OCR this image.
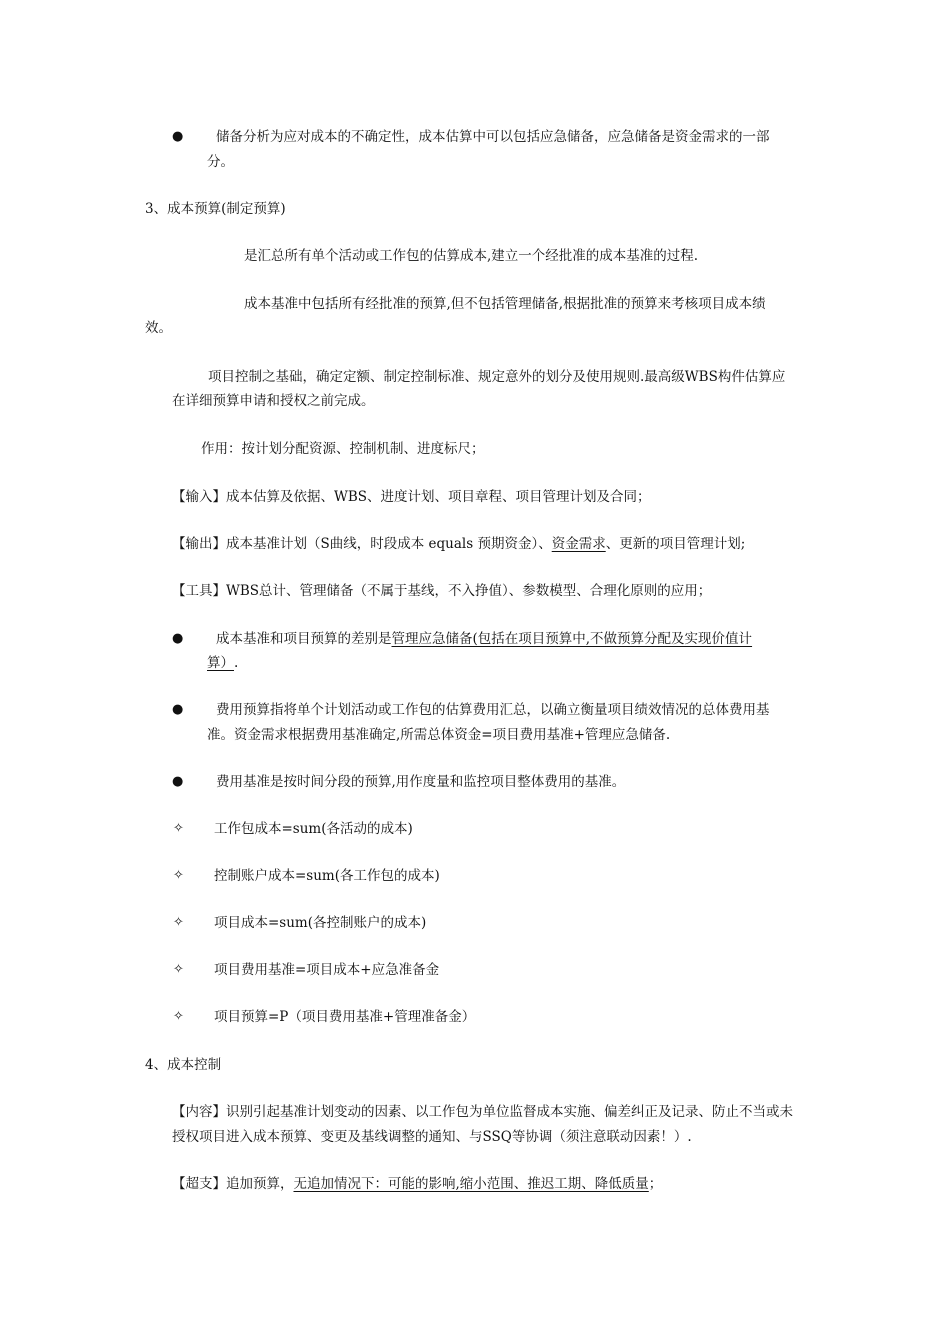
● 储备分析为应对成本的不确定性，成本估算中可以包括应急储备，应急储备是资金需求的一部
分。
3、成本预算(制定预算)
是汇总所有单个活动或工作包的估算成本,建立一个经批准的成本基准的过程.
成本基准中包括所有经批准的预算,但不包括管理储备,根据批准的预算来考核项目成本绩
效。
项目控制之基础，确定定额、制定控制标准、规定意外的划分及使用规则.最高级WBS构件估算应
在详细预算申请和授权之前完成。
作用：按计划分配资源、控制机制、进度标尺；
【输入】成本估算及依据、WBS、进度计划、项目章程、项目管理计划及合同；
【输出】成本基准计划（S曲线，时段成本 equals 预期资金）、资金需求、更新的项目管理计划;
【工具】WBS总计、管理储备（不属于基线，不入挣值）、参数模型、合理化原则的应用；
● 成本基准和项目预算的差别是管理应急储备(包括在项目预算中,不做预算分配及实现价值计
算）.
● 费用预算指将单个计划活动或工作包的估算费用汇总，以确立衡量项目绩效情况的总体费用基
准。资金需求根据费用基准确定,所需总体资金=项目费用基准+管理应急储备.
● 费用基准是按时间分段的预算,用作度量和监控项目整体费用的基准。
✧ 工作包成本=sum(各活动的成本)
✧ 控制账户成本=sum(各工作包的成本)
✧ 项目成本=sum(各控制账户的成本)
✧ 项目费用基准=项目成本+应急准备金
✧ 项目预算=P（项目费用基准+管理准备金）
4、成本控制
【内容】识别引起基准计划变动的因素、以工作包为单位监督成本实施、偏差纠正及记录、防止不当或未
授权项目进入成本预算、变更及基线调整的通知、与SSQ等协调（须注意联动因素！）.
【超支】追加预算，无追加情况下：可能的影响,缩小范围、推迟工期、降低质量；
